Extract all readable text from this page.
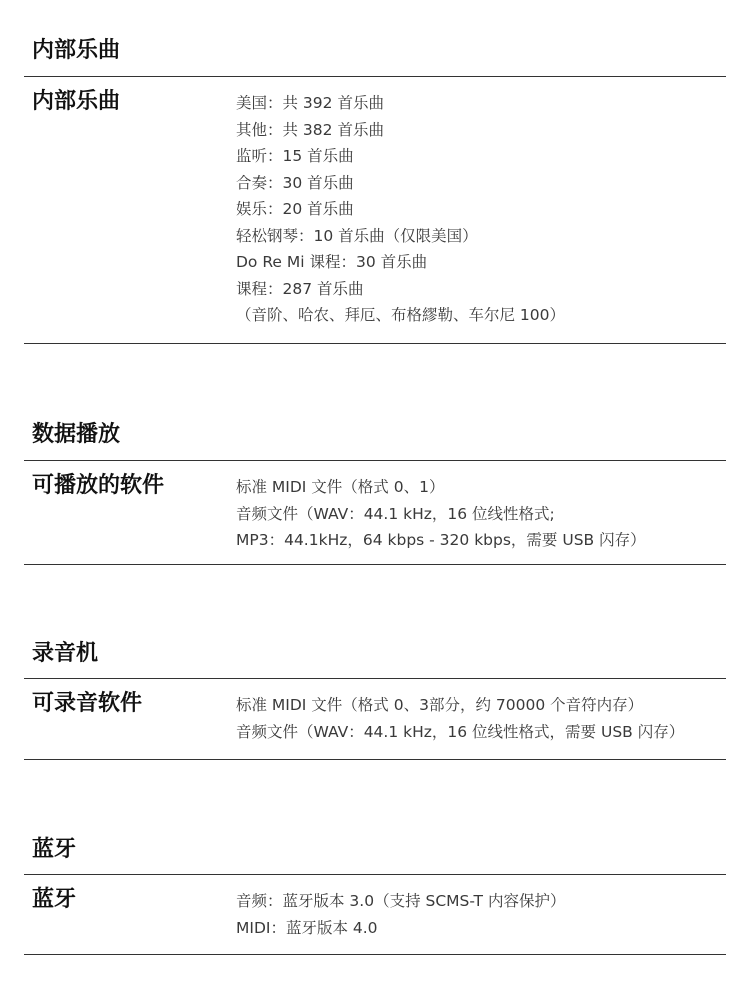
内部乐曲
内部乐曲	美国：共 392 首乐曲
其他：共 382 首乐曲
监听：15 首乐曲
合奏：30 首乐曲
娱乐：20 首乐曲
轻松钢琴：10 首乐曲（仅限美国）
Do Re Mi 课程：30 首乐曲
课程：287 首乐曲
（音阶、哈农、拜厄、布格繆勒、车尔尼 100）
数据播放
可播放的软件	标准 MIDI 文件（格式 0、1）
音频文件（WAV：44.1 kHz，16 位线性格式;
MP3：44.1kHz，64 kbps - 320 kbps，需要 USB 闪存）
录音机
可录音软件	标准 MIDI 文件（格式 0、3部分，约 70000 个音符内存）
音频文件（WAV：44.1 kHz，16 位线性格式，需要 USB 闪存）
蓝牙
蓝牙	音频：蓝牙版本 3.0（支持 SCMS-T 内容保护）
MIDI：蓝牙版本 4.0
